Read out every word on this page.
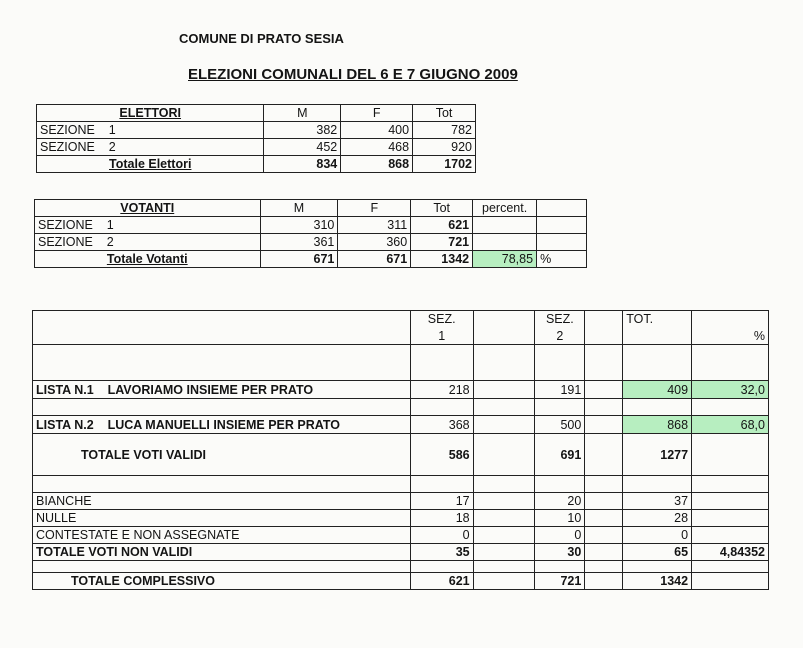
COMUNE DI PRATO SESIA
ELEZIONI COMUNALI DEL 6 E 7 GIUGNO 2009
ELETTORI	M	F	Tot
SEZIONE 1	382	400	782
SEZIONE 2	452	468	920
Totale Elettori	834	868	1702
VOTANTI	M	F	Tot	percent.	
SEZIONE 1	310	311	621		
SEZIONE 2	361	360	721		
Totale Votanti	671	671	1342	78,85	%
	SEZ.		SEZ.		TOT.	
	1		2			%

LISTA N.1 LAVORIAMO INSIEME PER PRATO	218		191		409	32,0

LISTA N.2 LUCA MANUELLI INSIEME PER PRATO	368		500		868	68,0
TOTALE VOTI VALIDI	586		691		1277	

BIANCHE	17		20		37	
NULLE	18		10		28	
CONTESTATE E NON ASSEGNATE	0		0		0	
TOTALE VOTI NON VALIDI	35		30		65	4,84352

TOTALE COMPLESSIVO	621		721		1342	
